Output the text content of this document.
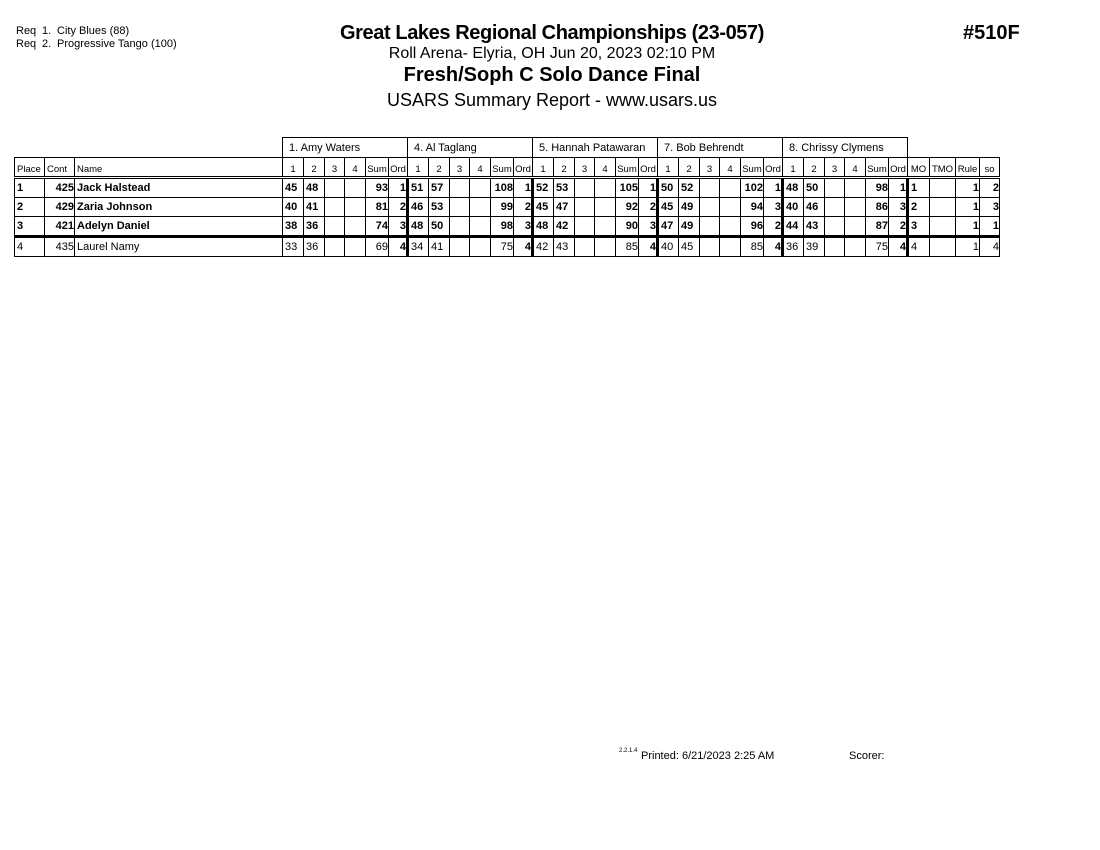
Req 1. City Blues (88)
Req 2. Progressive Tango (100)	Great Lakes Regional Championships (23-057)
Roll Arena- Elyria, OH Jun 20, 2023 02:10 PM
Fresh/Soph C Solo Dance Final
USARS Summary Report - www.usars.us
#510F
			1. Amy Waters						4. Al Taglang						5. Hannah Patawaran						7. Bob Behrendt						8. Chrissy Clymens									
Place	Cont	Name	1	2	3	4	Sum	Ord	1	2	3	4	Sum	Ord	1	2	3	4	Sum	Ord	1	2	3	4	Sum	Ord	1	2	3	4	Sum	Ord	MO	TMO	Rule	so
1	425	Jack Halstead	45	48			93	1	51	57			108	1	52	53			105	1	50	52			102	1	48	50			98	1	1		1	2
2	429	Zaria Johnson	40	41			81	2	46	53			99	2	45	47			92	2	45	49			94	3	40	46			86	3	2		1	3
3	421	Adelyn Daniel	38	36			74	3	48	50			98	3	48	42			90	3	47	49			96	2	44	43			87	2	3		1	1
4	435	Laurel Namy	33	36			69	4	34	41			75	4	42	43			85	4	40	45			85	4	36	39			75	4	4		1	4
2.2.1.4 Printed: 6/21/2023 2:25 AM	Scorer:
